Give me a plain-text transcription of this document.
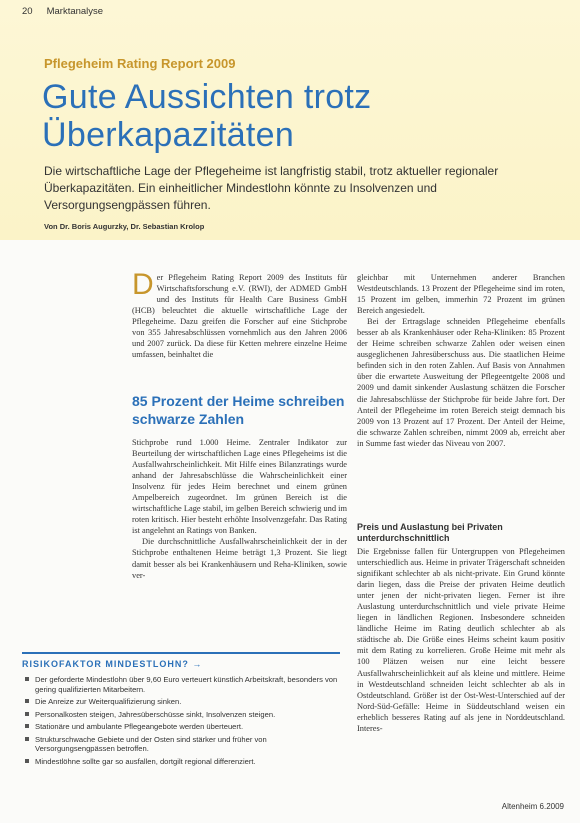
20 Marktanalyse
Pflegeheim Rating Report 2009
Gute Aussichten trotz Überkapazitäten
Die wirtschaftliche Lage der Pflegeheime ist langfristig stabil, trotz aktueller regionaler Überkapazitäten. Ein einheitlicher Mindestlohn könnte zu Insolvenzen und Versorgungsengpässen führen.
Von Dr. Boris Augurzky, Dr. Sebastian Krolop

Der Pflegeheim Rating Report 2009 des Instituts für Wirtschaftsforschung e.V. (RWI), der ADMED GmbH und des Instituts für Health Care Business GmbH (HCB) beleuchtet die aktuelle wirtschaftliche Lage der Pflegeheime. Dazu greifen die Forscher auf eine Stichprobe von 355 Jahresabschlüssen vornehmlich aus den Jahren 2006 und 2007 zurück. Da diese für Ketten mehrere einzelne Heime umfassen, beinhaltet die

85 Prozent der Heime schreiben schwarze Zahlen

Stichprobe rund 1.000 Heime. Zentraler Indikator zur Beurteilung der wirtschaftlichen Lage eines Pflegeheims ist die Ausfallwahrscheinlichkeit. Mit Hilfe eines Bilanzratings wurde anhand der Jahresabschlüsse die Wahrscheinlichkeit einer Insolvenz für jedes Heim berechnet und einem grünen Ampelbereich zugeordnet. Im grünen Bereich ist die wirtschaftliche Lage stabil, im gelben Bereich schwierig und im roten kritisch. Hier besteht erhöhte Insolvenzgefahr. Das Rating ist angelehnt an Ratings von Banken.

Die durchschnittliche Ausfallwahrscheinlichkeit der in der Stichprobe enthaltenen Heime beträgt 1,3 Prozent. Sie liegt damit besser als bei Krankenhäusern und Reha-Kliniken, sowie ver-

gleichbar mit Unternehmen anderer Branchen Westdeutschlands. 13 Prozent der Pflegeheime sind im roten, 15 Prozent im gelben, immerhin 72 Prozent im grünen Bereich angesiedelt.

Bei der Ertragslage schneiden Pflegeheime ebenfalls besser ab als Krankenhäuser oder Reha-Kliniken: 85 Prozent der Heime schreiben schwarze Zahlen oder weisen einen ausgeglichenen Jahresüberschuss aus. Die staatlichen Heime befinden sich in den roten Zahlen. Auf Basis von Annahmen über die erwartete Ausweitung der Pflegeentgelte 2008 und 2009 und damit sinkender Auslastung schätzen die Forscher die Jahresabschlüsse der Stichprobe für beide Jahre fort. Der Anteil der Pflegeheime im roten Bereich steigt demnach bis 2009 von 13 Prozent auf 17 Prozent. Der Anteil der Heime, die schwarze Zahlen schreiben, nimmt 2009 ab, erreicht aber in Summe fast wieder das Niveau von 2007.

Preis und Auslastung bei Privaten unterdurchschnittlich

Die Ergebnisse fallen für Untergruppen von Pflegeheimen unterschiedlich aus. Heime in privater Trägerschaft schneiden signifikant schlechter ab als nicht-private. Ein Grund könnte darin liegen, dass die Preise der privaten Heime deutlich unter jenen der nicht-privaten liegen. Ferner ist ihre Auslastung unterdurchschnittlich und viele private Heime liegen in ländlichen Regionen. Insbesondere schneiden ländliche Heime im Rating deutlich schlechter ab als städtische ab. Die Größe eines Heims scheint kaum positiv mit dem Rating zu korrelieren. Große Heime mit mehr als 100 Plätzen weisen nur eine leicht bessere Ausfallwahrscheinlichkeit auf als kleine und mittlere. Heime in Westdeutschland schneiden leicht schlechter ab als in Ostdeutschland. Größer ist der Ost-West-Unterschied auf der Nord-Süd-Gefälle: Heime in Süddeutschland weisen ein erheblich besseres Rating auf als jene in Norddeutschland. Interes-

RISIKOFAKTOR MINDESTLOHN? →
Der geforderte Mindestlohn über 9,60 Euro verteuert künstlich Arbeitskraft, besonders von gering qualifizierten Mitarbeitern.
Die Anreize zur Weiterqualifizierung sinken.
Personalkosten steigen, Jahresüberschüsse sinkt, Insolvenzen steigen.
Stationäre und ambulante Pflegeangebote werden überteuert.
Strukturschwache Gebiete und der Osten sind stärker und früher von Versorgungsengpässen betroffen.
Mindestlöhne sollte gar so ausfallen, dortgilt regional differenziert.
Altenheim 6.2009
